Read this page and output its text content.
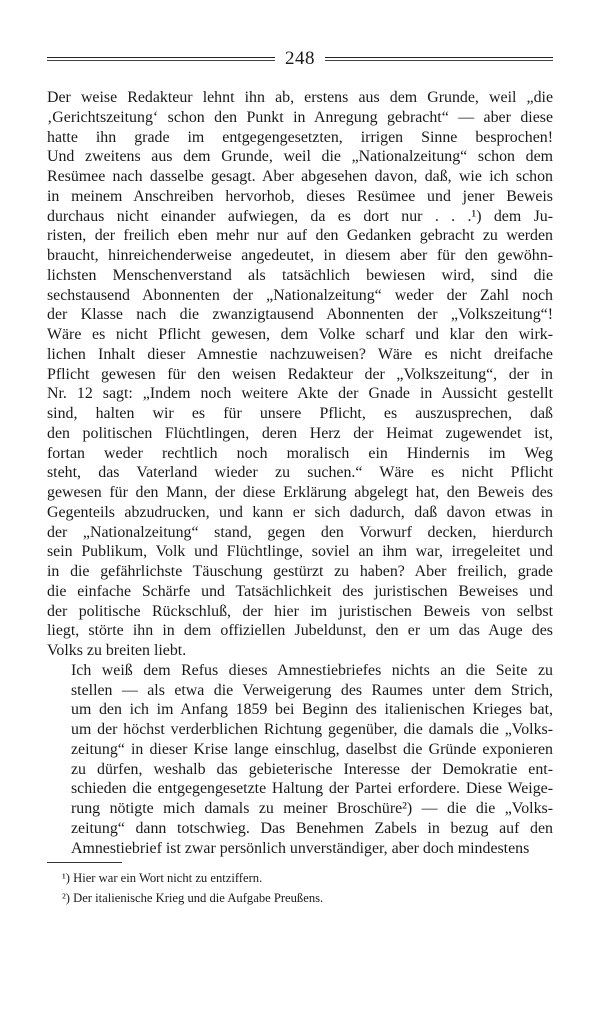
248
Der weise Redakteur lehnt ihn ab, erstens aus dem Grunde, weil „die
‚Gerichtszeitung‘ schon den Punkt in Anregung gebracht“ — aber diese
hatte ihn grade im entgegengesetzten, irrigen Sinne besprochen!
Und zweitens aus dem Grunde, weil die „Nationalzeitung“ schon dem
Resümee nach dasselbe gesagt. Aber abgesehen davon, daß, wie ich schon
in meinem Anschreiben hervorhob, dieses Resümee und jener Beweis
durchaus nicht einander aufwiegen, da es dort nur . . .¹) dem Ju-
risten, der freilich eben mehr nur auf den Gedanken gebracht zu werden
braucht, hinreichenderweise angedeutet, in diesem aber für den gewöhn-
lichsten Menschenverstand als tatsächlich bewiesen wird, sind die
sechstausend Abonnenten der „Nationalzeitung“ weder der Zahl noch
der Klasse nach die zwanzigtausend Abonnenten der „Volkszeitung“!
Wäre es nicht Pflicht gewesen, dem Volke scharf und klar den wirk-
lichen Inhalt dieser Amnestie nachzuweisen? Wäre es nicht dreifache
Pflicht gewesen für den weisen Redakteur der „Volkszeitung“, der in
Nr. 12 sagt: „Indem noch weitere Akte der Gnade in Aussicht gestellt
sind, halten wir es für unsere Pflicht, es auszusprechen, daß
den politischen Flüchtlingen, deren Herz der Heimat zugewendet ist,
fortan weder rechtlich noch moralisch ein Hindernis im Weg
steht, das Vaterland wieder zu suchen.“ Wäre es nicht Pflicht
gewesen für den Mann, der diese Erklärung abgelegt hat, den Beweis des
Gegenteils abzudrucken, und kann er sich dadurch, daß davon etwas in
der „Nationalzeitung“ stand, gegen den Vorwurf decken, hierdurch
sein Publikum, Volk und Flüchtlinge, soviel an ihm war, irregeleitet und
in die gefährlichste Täuschung gestürzt zu haben? Aber freilich, grade
die einfache Schärfe und Tatsächlichkeit des juristischen Beweises und
der politische Rückschluß, der hier im juristischen Beweis von selbst
liegt, störte ihn in dem offiziellen Jubeldunst, den er um das Auge des
Volks zu breiten liebt.
Ich weiß dem Refus dieses Amnestiebriefes nichts an die Seite zu
stellen — als etwa die Verweigerung des Raumes unter dem Strich,
um den ich im Anfang 1859 bei Beginn des italienischen Krieges bat,
um der höchst verderblichen Richtung gegenüber, die damals die „Volks-
zeitung“ in dieser Krise lange einschlug, daselbst die Gründe exponieren
zu dürfen, weshalb das gebieterische Interesse der Demokratie ent-
schieden die entgegengesetzte Haltung der Partei erfordere. Diese Weige-
rung nötigte mich damals zu meiner Broschüre²) — die die „Volks-
zeitung“ dann totschwieg. Das Benehmen Zabels in bezug auf den
Amnestiebrief ist zwar persönlich unverständiger, aber doch mindestens
¹) Hier war ein Wort nicht zu entziffern.
²) Der italienische Krieg und die Aufgabe Preußens.
